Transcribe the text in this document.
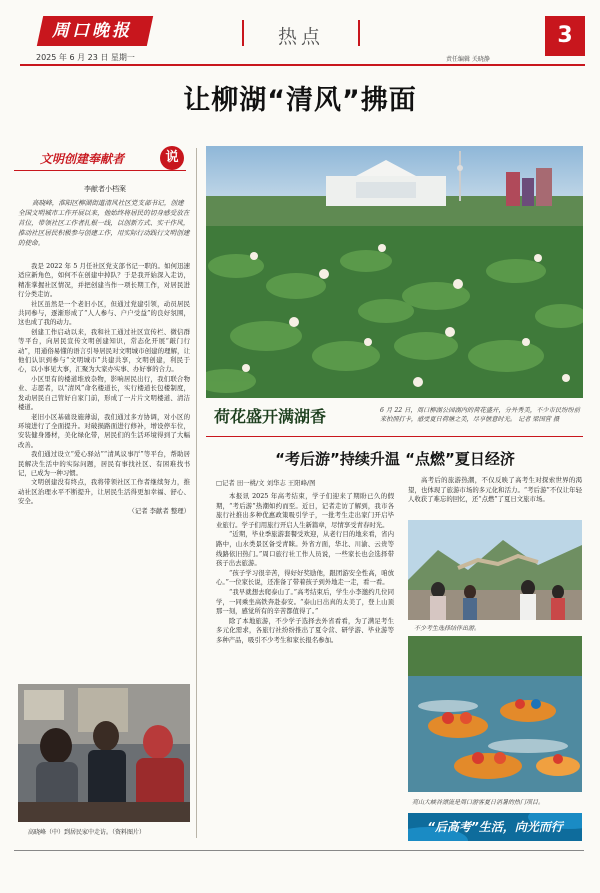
周口晚报
2025 年 6 月 23 日 星期一
热点
责任编辑 关晓静
3
让柳湖“清风”拂面
文明创建奉献者	说
李献者小档案
高晓峰，淮阳区柳湖街道清风社区党支部书记，创建全国文明城市工作开展以来，他始终将居民的切身感受放在首位，带领社区工作者扎根一线，以创新方式、实干作风，推动社区居民积极参与创建工作，用实际行动践行文明创建的使命。

我是 2022 年 5 月任社区党支部书记一职的。如何迅速适应新角色，如何不在创建中掉队？于是我开始深入走访，精准掌握社区情况，并把创建当作一项长期工作，对居民进行分类走访。

社区虽然是一个老旧小区，但通过党建引领，动员居民共同参与，逐渐形成了“人人参与、户户受益”的良好氛围，这也成了我的动力。

创建工作启动以来，我和社工通过社区宣传栏、微信群等平台，向居民宣传文明创建知识，常态化开展“敲门行动”，用通俗易懂的语言引导居民对文明城市创建的理解，让他们认识到参与“文明城市”共建共享，文明创建，利民于心，以小事见大事，汇聚为大家办实事、办好事的合力。

小区里有的楼道堆放杂物，影响居民出行，我们联合物业、志愿者，以“清风”命名楼道长，实行楼道长包楼制度，发动居民自己管好自家门前，形成了一片片文明楼道、清洁楼道。

老旧小区基础设施薄弱，我们通过多方协调，对小区的环境进行了全面提升。对破损路面进行修补，增设停车位，安装健身器材，美化绿化带，居民们的生活环境得到了大幅改善。

我们通过设立“爱心驿站”“清风议事厅”等平台，帮助居民解决生活中的实际问题，居民有事找社区、有困难找书记，已成为一种习惯。

文明创建没有终点，我将带领社区工作者继续努力，推动社区治理水平不断提升，让居民生活得更加幸福、舒心、安全。

（记者 李献者 整理）

高晓峰（中）到居民家中走访。（资料图片）
荷花盛开满湖香	6 月 22 日，周口柳湖公园湖内的荷花盛开，分外秀美，不少市民纷纷前来拍照打卡，感受夏日荷塘之美，尽享惬意时光。 记者 梁国营 摄
“考后游”持续升温 “点燃”夏日经济
□记者 田一桃/文 刘华志 王阳峰/图

本报讯 2025 年高考结束，学子们迎来了期盼已久的假期，“考后游”热潮如约而至。近日，记者走访了解到，我市各旅行社推出多种优惠政策吸引学子，一批考生走出家门开启毕业旅行。学子们用旅行开启人生新篇章，尽情享受青春时光。

“近期，毕业季旅游套餐受欢迎，从老行目的地来看，省内路中，山水类景区备受青睐。外省方面，华北、川渝、云贵等线路依旧热门。”周口旅行社工作人员说，一些家长也会选择带孩子出去旅游。

“孩子学习很辛苦，得好好奖励他，跟团游安全性高，咱放心。”一位家长说，还准备了带着孩子到外地走一走，看一看。

“我早就想去爬泰山了。”高考结束后，学生小李邀约几位同学，一同乘坐高铁奔赴泰安。“泰山日出真的太美了，登上山顶那一刻，感觉所有的辛苦都值得了。”

除了本地旅游，不少学子选择去外省看看，为了满足考生多元化需求，各旅行社纷纷推出了夏令营、研学游、毕业游等多种产品，吸引不少考生和家长报名参加。

高考后的旅游热潮，不仅反映了高考生对探索世界的渴望，也体现了旅游市场的多元化和活力。“考后游”不仅让年轻人收获了难忘的回忆，还“点燃”了夏日文旅市场。
不少考生选择结伴出游。
亮山大峡谷漂流是周口游客夏日消暑的热门项目。
“后高考”生活，向光而行
